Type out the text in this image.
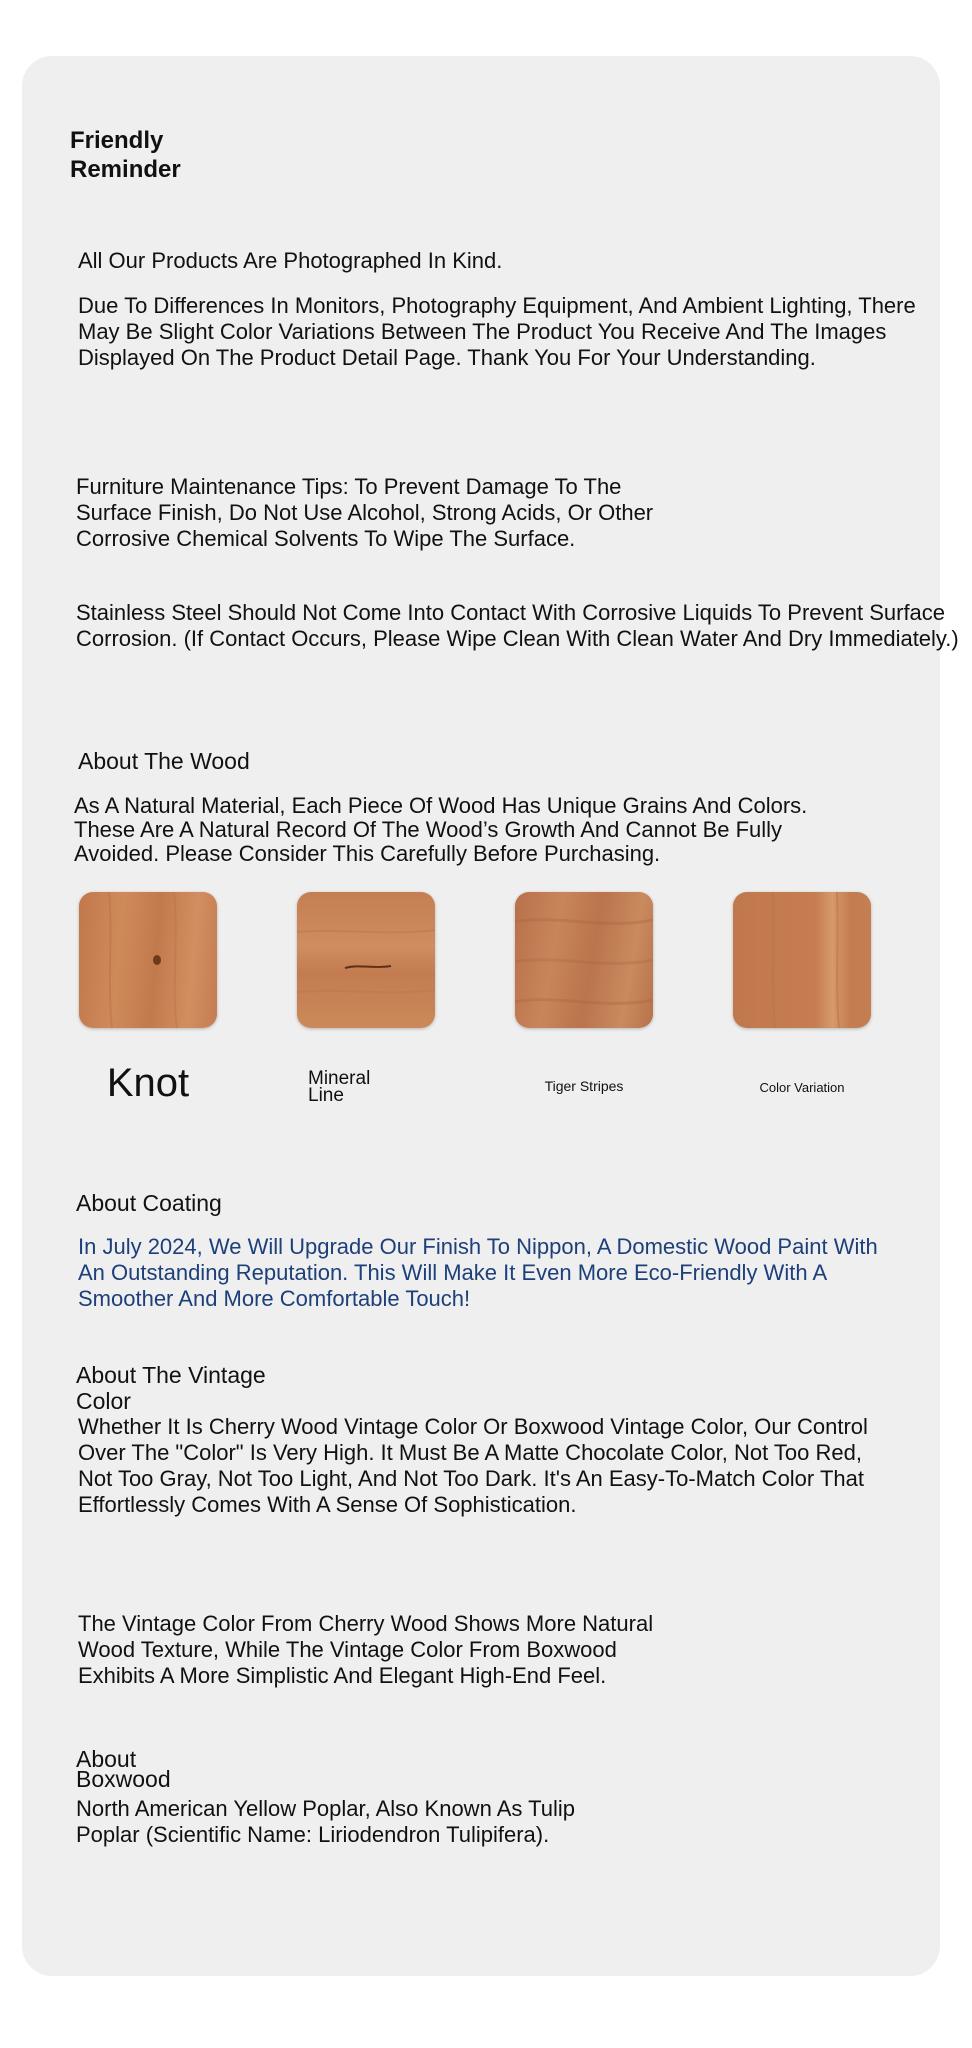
Friendly
Reminder

All Our Products Are Photographed In Kind.

Due To Differences In Monitors, Photography Equipment, And Ambient Lighting, There May Be Slight Color Variations Between The Product You Receive And The Images Displayed On The Product Detail Page. Thank You For Your Understanding.

Furniture Maintenance Tips: To Prevent Damage To The Surface Finish, Do Not Use Alcohol, Strong Acids, Or Other Corrosive Chemical Solvents To Wipe The Surface.

Stainless Steel Should Not Come Into Contact With Corrosive Liquids To Prevent Surface Corrosion. (If Contact Occurs, Please Wipe Clean With Clean Water And Dry Immediately.)

About The Wood

As A Natural Material, Each Piece Of Wood Has Unique Grains And Colors. These Are A Natural Record Of The Wood’s Growth And Cannot Be Fully Avoided. Please Consider This Carefully Before Purchasing.

Knot	Mineral
Line	Tiger Stripes	Color Variation
About Coating

In July 2024, We Will Upgrade Our Finish To Nippon, A Domestic Wood Paint With An Outstanding Reputation. This Will Make It Even More Eco-Friendly With A Smoother And More Comfortable Touch!

About The Vintage
Color

Whether It Is Cherry Wood Vintage Color Or Boxwood Vintage Color, Our Control Over The "Color" Is Very High. It Must Be A Matte Chocolate Color, Not Too Red, Not Too Gray, Not Too Light, And Not Too Dark. It's An Easy-To-Match Color That Effortlessly Comes With A Sense Of Sophistication.

The Vintage Color From Cherry Wood Shows More Natural Wood Texture, While The Vintage Color From Boxwood Exhibits A More Simplistic And Elegant High-End Feel.

About
Boxwood

North American Yellow Poplar, Also Known As Tulip Poplar (Scientific Name: Liriodendron Tulipifera).
